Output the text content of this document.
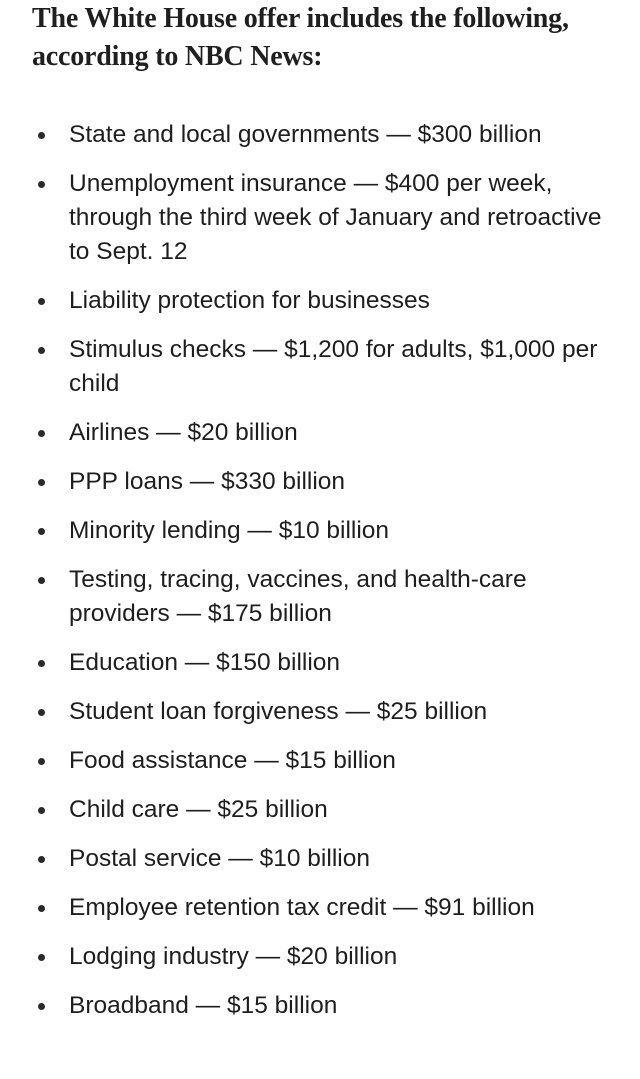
The White House offer includes the following, according to NBC News:

State and local governments — $300 billion
Unemployment insurance — $400 per week, through the third week of January and retroactive to Sept. 12
Liability protection for businesses
Stimulus checks — $1,200 for adults, $1,000 per child
Airlines — $20 billion
PPP loans — $330 billion
Minority lending — $10 billion
Testing, tracing, vaccines, and health-care providers — $175 billion
Education — $150 billion
Student loan forgiveness — $25 billion
Food assistance — $15 billion
Child care — $25 billion
Postal service — $10 billion
Employee retention tax credit — $91 billion
Lodging industry — $20 billion
Broadband — $15 billion
